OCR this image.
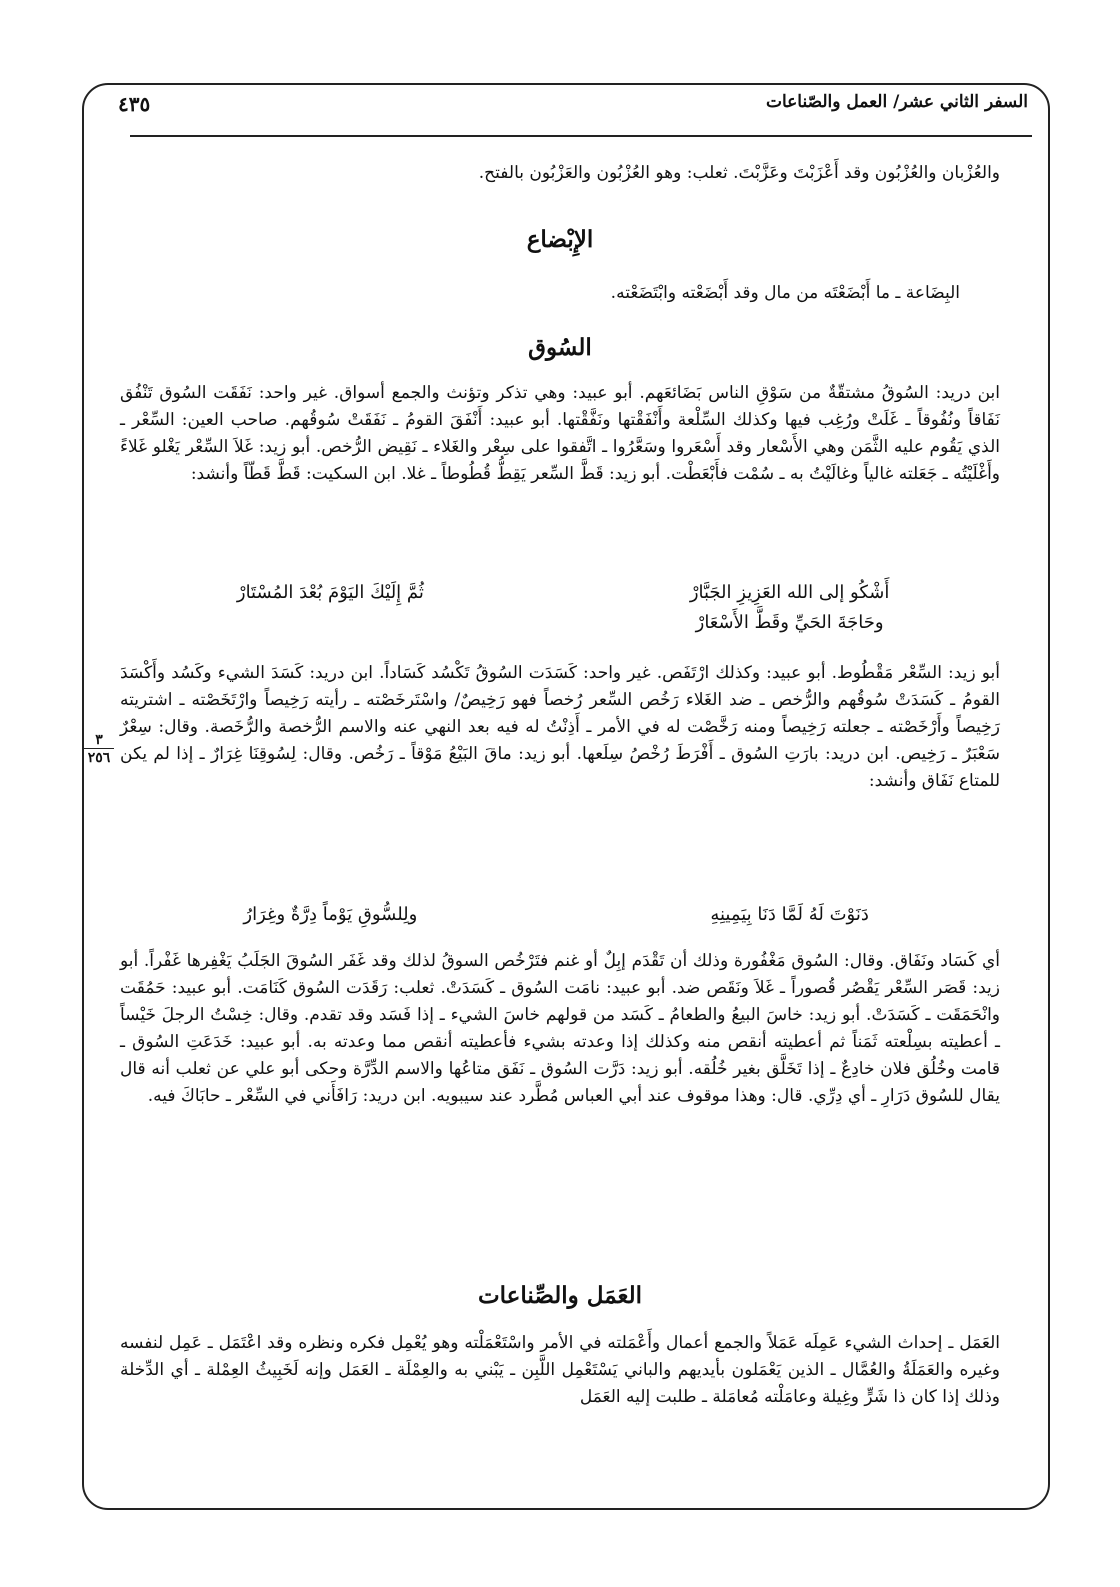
السفر الثاني عشر/ العمل والصّناعات
٤٣٥

والعُزْبان والعُزْبُون وقد أَعْزَبْتَ وعَزَّبْتَ. ثعلب: وهو العُزْبُون والعَزْبُون بالفتح.

الإِبْضاع

البِضَاعة ـ ما أَبْضَعْتَه من مال وقد أَبْضَعْته وابْتَضَعْته.

السُوق

ابن دريد: السُوقُ مشتقّةٌ من سَوْقِ الناس بَضَائعَهم. أبو عبيد: وهي تذكر وتؤنث والجمع أسواق. غير واحد: نَفَقَت السُوق تَنْفُق نَفَاقاً ونُفُوقاً ـ غَلَتْ ورُغِب فيها وكذلك السِّلْعة وأَنْفَقْتها ونَفَّقْتها. أبو عبيد: أَنْفَقَ القومُ ـ نَفَقَتْ سُوقُهم. صاحب العين: السِّعْر ـ الذي يَقُوم عليه الثَّمَن وهي الأَسْعار وقد أَسْعَروا وسَعَّرُوا ـ اتَّفقوا على سِعْر والغَلاء ـ نَقِيض الرُّخص. أبو زيد: غَلاَ السِّعْر يَغْلو غَلاءً وأَغْلَيْتُه ـ جَعَلته غالياً وغالَيْتُ به ـ سُمْت فأَبْعَطْت. أبو زيد: قَطَّ السِّعر يَقِطُّ قُطُوطاً ـ غلا. ابن السكيت: قَطَّ قَطّاً وأنشد:

أَشْكُو إلى الله العَزِيزِ الجَبَّارْ
ثُمَّ إِلَيْكَ اليَوْمَ بُعْدَ المُسْتَارْ
وحَاجَةَ الحَيِّ وقَطَّ الأَسْعَارْ

أبو زيد: السِّعْر مَقْطُوط. أبو عبيد: وكذلك ارْتَفَص. غير واحد: كَسَدَت السُوقُ تَكْسُد كَسَاداً. ابن دريد: كَسَدَ الشيء وكَسُد وأَكْسَدَ القومُ ـ كَسَدَتْ سُوقُهم والرُّخص ـ ضد الغَلاء رَخُص السِّعر رُخصاً فهو رَخِيصٌ/ واسْتَرخَصْته ـ رأيته رَخِيصاً وارْتَخَصْته ـ اشتريته رَخِيصاً وأَرْخَصْته ـ جعلته رَخِيصاً ومنه رَخَّصْت له في الأمر ـ أَذِنْتُ له فيه بعد النهي عنه والاسم الرُّخصة والرُّخَصة. وقال: سِعْرٌ سَعْبَرٌ ـ رَخِيص. ابن دريد: بارَتِ السُوق ـ أَفْرَطَ رُخْصُ سِلَعها. أبو زيد: ماقَ البَيْعُ مَوْقاً ـ رَخُص. وقال: لِسُوقِنَا غِرَارٌ ـ إذا لم يكن للمتاع نَفَاق وأنشد:

٣
٢٥٦
دَنَوْتَ لَهُ لَمَّا دَنَا بِيَمِينِهِ
ولِلسُّوقِ يَوْماً دِرَّةٌ وغِرَارُ

أي كَسَاد ونَفَاق. وقال: السُوق مَغْفُورة وذلك أن تَقْدَم إبِلٌ أو غنم فتَرْخُص السوقُ لذلك وقد غَفَر السُوقَ الجَلَبُ يَغْفِرها غَفْراً. أبو زيد: قَصَر السِّعْر يَقْصُر قُصوراً ـ غَلاَ ونَقَص ضد. أبو عبيد: نامَت السُوق ـ كَسَدَتْ. ثعلب: رَقَدَت السُوق كَنَامَت. أبو عبيد: حَمُقَت وانْحَمَقَت ـ كَسَدَتْ. أبو زيد: خاسَ البيعُ والطعامُ ـ كَسَد من قولهم خاسَ الشيء ـ إذا فَسَد وقد تقدم. وقال: خِسْتُ الرجلَ خَيْساً ـ أعطيته بسِلْعته ثَمَناً ثم أعطيته أنقص منه وكذلك إذا وعدته بشيء فأعطيته أنقص مما وعدته به. أبو عبيد: خَدَعَتِ السُوق ـ قامت وخُلُق فلان خادِعٌ ـ إذا تَخَلَّق بغير خُلُقه. أبو زيد: دَرَّت السُوق ـ نَفَق متاعُها والاسم الدِّرَّة وحكى أبو علي عن ثعلب أنه قال يقال للسُوق دَرَارِ ـ أي دِرِّي. قال: وهذا موقوف عند أبي العباس مُطَّرد عند سيبويه. ابن دريد: رَافَأَني في السِّعْر ـ حابَاكَ فيه.

العَمَل والصِّناعات

العَمَل ـ إحداث الشيء عَمِلَه عَمَلاً والجمع أعمال وأَعْمَلته في الأمر واسْتَعْمَلْته وهو يُعْمِل فكره ونظره وقد اعْتَمَل ـ عَمِل لنفسه وغيره والعَمَلَةُ والعُمَّال ـ الذين يَعْمَلون بأيديهم والباني يَسْتَعْمِل اللَّبِن ـ يَبْني به والعِمْلَة ـ العَمَل وإنه لَخَبِيثُ العِمْلة ـ أي الدِّخلة وذلك إذا كان ذا شَرٍّ وغِيلة وعامَلْته مُعامَلة ـ طلبت إليه العَمَل
